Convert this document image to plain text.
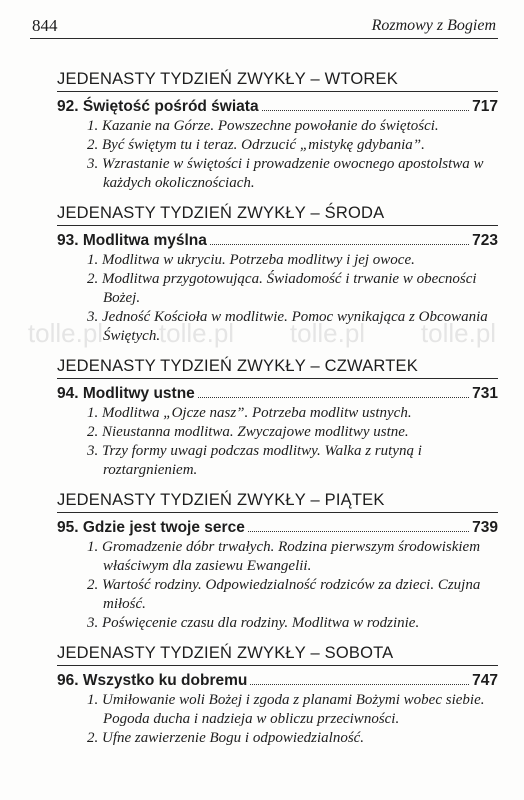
844	Rozmowy z Bogiem
tolle.pl tolle.pl tolle.pl tolle.pl
JEDENASTY TYDZIEŃ ZWYKŁY – WTOREK
92. Świętość pośród świata	717
1. Kazanie na Górze. Powszechne powołanie do świętości.
2. Być świętym tu i teraz. Odrzucić „mistykę gdybania”.
3. Wzrastanie w świętości i prowadzenie owocnego apostolstwa w każdych okolicznościach.
JEDENASTY TYDZIEŃ ZWYKŁY – ŚRODA
93. Modlitwa myślna	723
1. Modlitwa w ukryciu. Potrzeba modlitwy i jej owoce.
2. Modlitwa przygotowująca. Świadomość i trwanie w obecności Bożej.
3. Jedność Kościoła w modlitwie. Pomoc wynikająca z Obcowania Świętych.
JEDENASTY TYDZIEŃ ZWYKŁY – CZWARTEK
94. Modlitwy ustne	731
1. Modlitwa „Ojcze nasz”. Potrzeba modlitw ustnych.
2. Nieustanna modlitwa. Zwyczajowe modlitwy ustne.
3. Trzy formy uwagi podczas modlitwy. Walka z rutyną i roztargnieniem.
JEDENASTY TYDZIEŃ ZWYKŁY – PIĄTEK
95. Gdzie jest twoje serce	739
1. Gromadzenie dóbr trwałych. Rodzina pierwszym środowiskiem właściwym dla zasiewu Ewangelii.
2. Wartość rodziny. Odpowiedzialność rodziców za dzieci. Czujna miłość.
3. Poświęcenie czasu dla rodziny. Modlitwa w rodzinie.
JEDENASTY TYDZIEŃ ZWYKŁY – SOBOTA
96. Wszystko ku dobremu	747
1. Umiłowanie woli Bożej i zgoda z planami Bożymi wobec siebie. Pogoda ducha i nadzieja w obliczu przeciwności.
2. Ufne zawierzenie Bogu i odpowiedzialność.
